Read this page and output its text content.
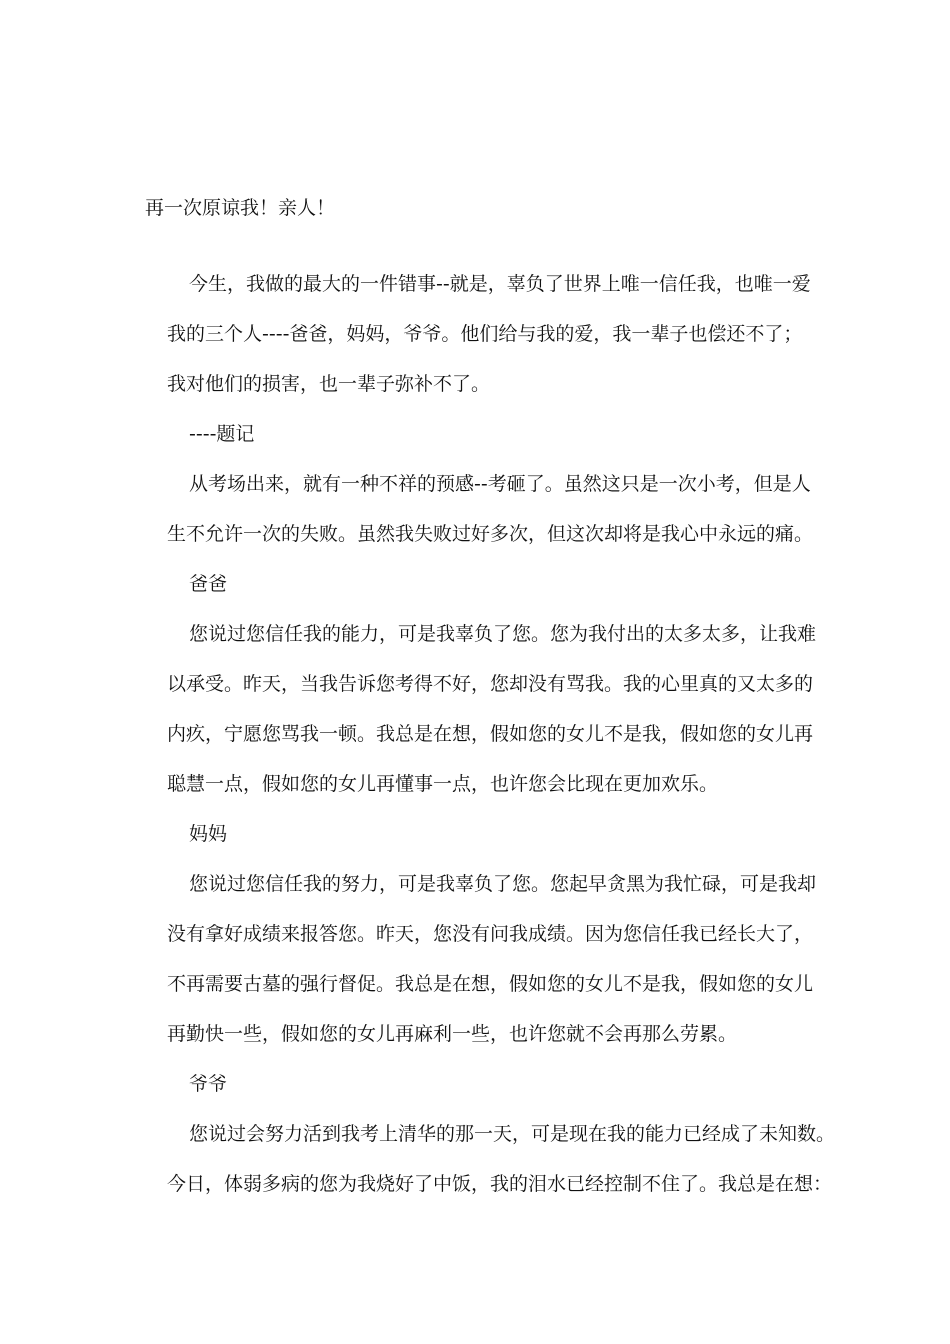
再一次原谅我！亲人！
今生，我做的最大的一件错事--就是，辜负了世界上唯一信任我，也唯一爱
我的三个人----爸爸，妈妈，爷爷。他们给与我的爱，我一辈子也偿还不了；
我对他们的损害，也一辈子弥补不了。
----题记
从考场出来，就有一种不祥的预感--考砸了。虽然这只是一次小考，但是人
生不允许一次的失败。虽然我失败过好多次，但这次却将是我心中永远的痛。
爸爸
您说过您信任我的能力，可是我辜负了您。您为我付出的太多太多，让我难
以承受。昨天，当我告诉您考得不好，您却没有骂我。我的心里真的又太多的
内疚，宁愿您骂我一顿。我总是在想，假如您的女儿不是我，假如您的女儿再
聪慧一点，假如您的女儿再懂事一点，也许您会比现在更加欢乐。
妈妈
您说过您信任我的努力，可是我辜负了您。您起早贪黑为我忙碌，可是我却
没有拿好成绩来报答您。昨天，您没有问我成绩。因为您信任我已经长大了，
不再需要古墓的强行督促。我总是在想，假如您的女儿不是我，假如您的女儿
再勤快一些，假如您的女儿再麻利一些，也许您就不会再那么劳累。
爷爷
您说过会努力活到我考上清华的那一天，可是现在我的能力已经成了未知数。
今日，体弱多病的您为我烧好了中饭，我的泪水已经控制不住了。我总是在想：
